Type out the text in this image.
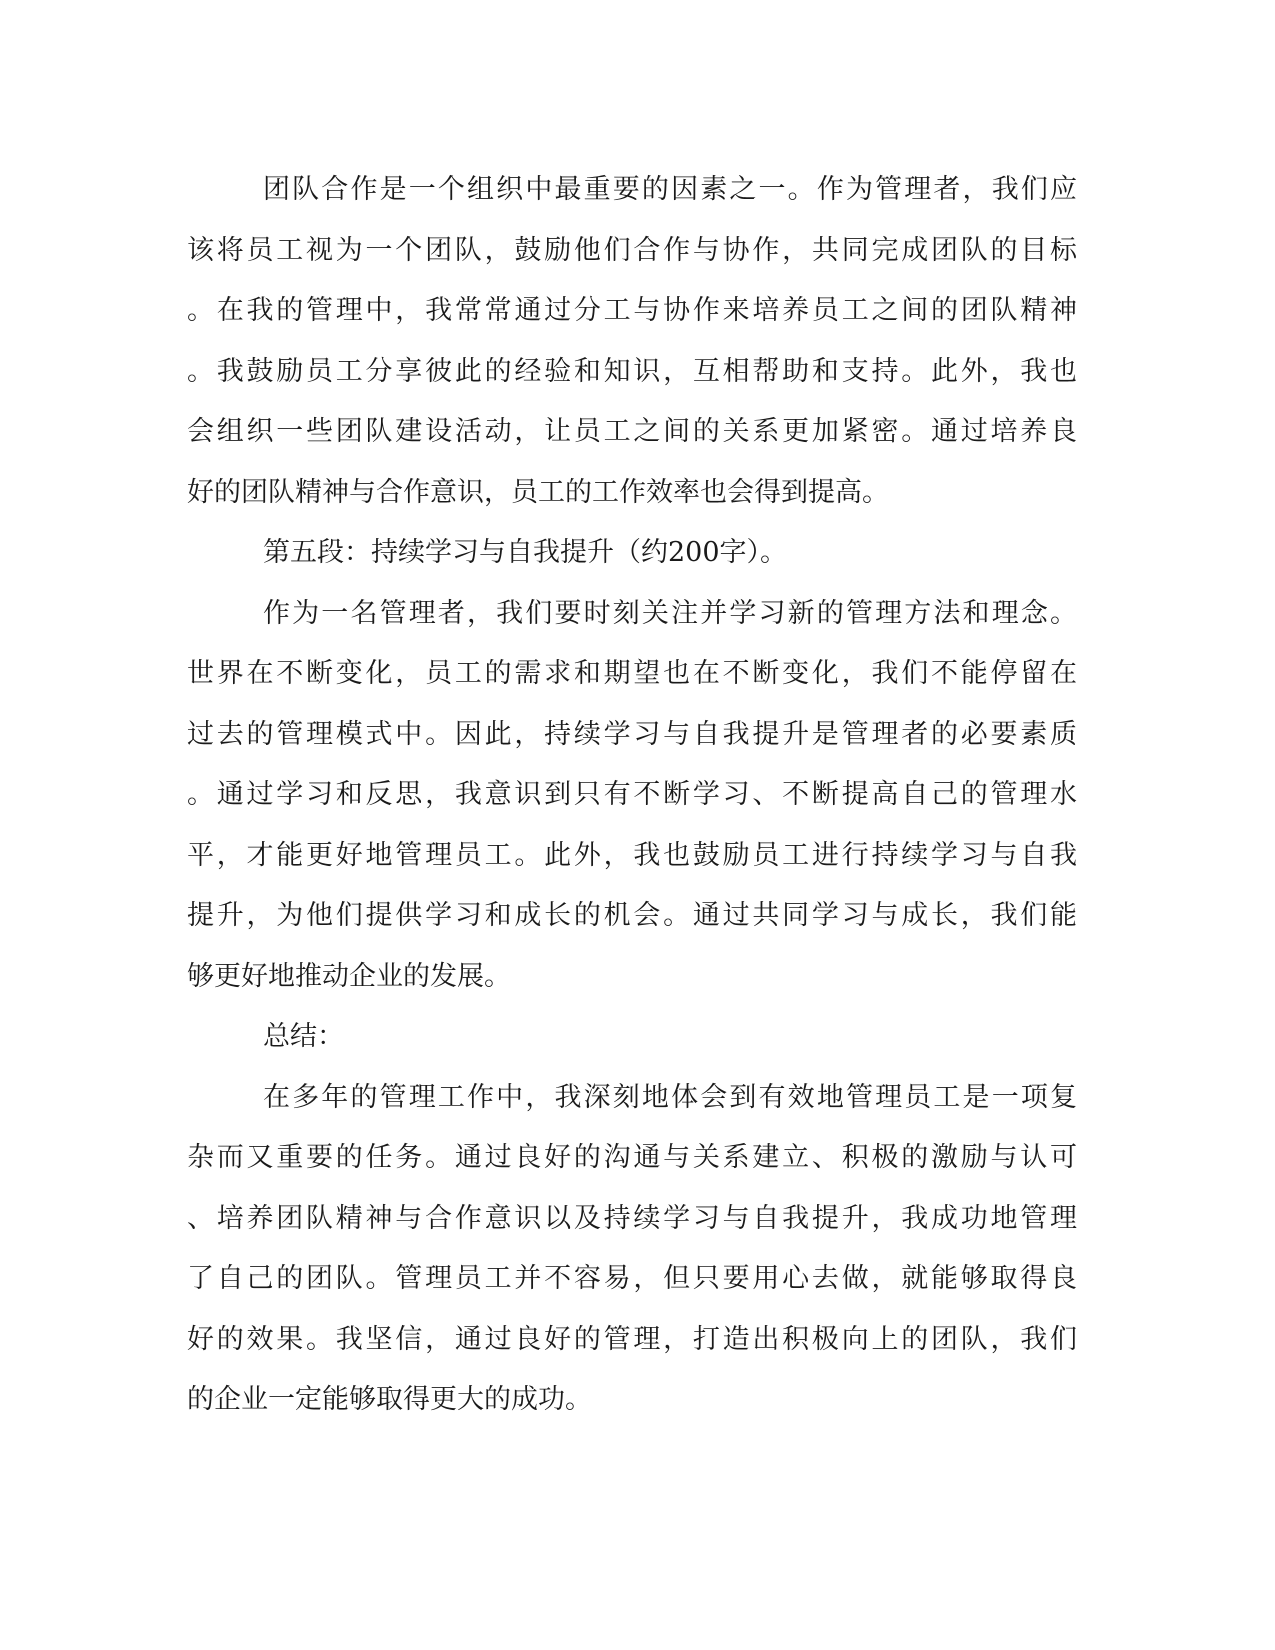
团队合作是一个组织中最重要的因素之一。作为管理者，我们应
该将员工视为一个团队，鼓励他们合作与协作，共同完成团队的目标
。在我的管理中，我常常通过分工与协作来培养员工之间的团队精神
。我鼓励员工分享彼此的经验和知识，互相帮助和支持。此外，我也
会组织一些团队建设活动，让员工之间的关系更加紧密。通过培养良
好的团队精神与合作意识，员工的工作效率也会得到提高。
第五段：持续学习与自我提升（约200字）。
作为一名管理者，我们要时刻关注并学习新的管理方法和理念。
世界在不断变化，员工的需求和期望也在不断变化，我们不能停留在
过去的管理模式中。因此，持续学习与自我提升是管理者的必要素质
。通过学习和反思，我意识到只有不断学习、不断提高自己的管理水
平，才能更好地管理员工。此外，我也鼓励员工进行持续学习与自我
提升，为他们提供学习和成长的机会。通过共同学习与成长，我们能
够更好地推动企业的发展。
总结：
在多年的管理工作中，我深刻地体会到有效地管理员工是一项复
杂而又重要的任务。通过良好的沟通与关系建立、积极的激励与认可
、培养团队精神与合作意识以及持续学习与自我提升，我成功地管理
了自己的团队。管理员工并不容易，但只要用心去做，就能够取得良
好的效果。我坚信，通过良好的管理，打造出积极向上的团队，我们
的企业一定能够取得更大的成功。
